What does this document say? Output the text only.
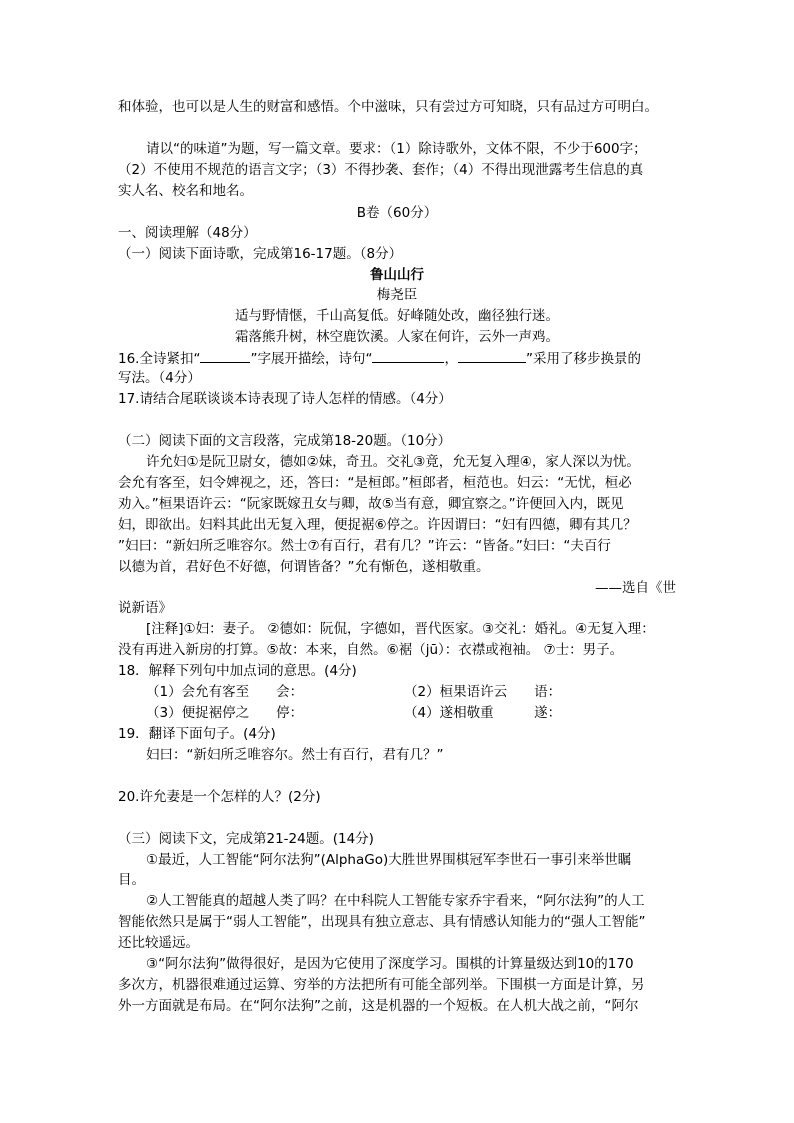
和体验，也可以是人生的财富和感悟。个中滋味，只有尝过方可知晓，只有品过方可明白。
请以“的味道”为题，写一篇文章。要求：（1）除诗歌外，文体不限，不少于600字；
（2）不使用不规范的语言文字；（3）不得抄袭、套作；（4）不得出现泄露考生信息的真
实人名、校名和地名。
B卷（60分）
一、阅读理解（48分）
（一）阅读下面诗歌，完成第16-17题。（8分）
鲁山山行
梅尧臣
适与野情惬，千山高复低。好峰随处改，幽径独行迷。
霜落熊升树，林空鹿饮溪。人家在何许，云外一声鸡。
16.全诗紧扣“	”字展开描绘，诗句“	，	”采用了移步换景的
写法。（4分）
17.请结合尾联谈谈本诗表现了诗人怎样的情感。（4分）
（二）阅读下面的文言段落，完成第18-20题。（10分）
许允妇①是阮卫尉女，德如②妹，奇丑。交礼③竟，允无复入理④，家人深以为忧。
会允有客至，妇令婢视之，还，答曰：“是桓郎。”桓郎者，桓范也。妇云：“无忧，桓必
劝入。”桓果语许云：“阮家既嫁丑女与卿，故⑤当有意，卿宜察之。”许便回入内，既见
妇，即欲出。妇料其此出无复入理，便捉裾⑥停之。许因谓曰：“妇有四德，卿有其几？
”妇曰：“新妇所乏唯容尔。然士⑦有百行，君有几？”许云：“皆备。”妇曰：“夫百行
以德为首，君好色不好德，何谓皆备？”允有惭色，遂相敬重。
——选自《世
说新语》
[注释]①妇：妻子。 ②德如：阮侃，字德如，晋代医家。③交礼：婚礼。④无复入理：
没有再进入新房的打算。⑤故：本来，自然。⑥裾（jū）：衣襟或袍袖。 ⑦士：男子。
18．解释下列句中加点词的意思。(4分)
（1）会允有客至　　会：	（2）桓果语许云　　语：
（3）便捉裾停之　　停：	（4）遂相敬重　　　遂：
19．翻译下面句子。(4分)
妇曰：“新妇所乏唯容尔。然士有百行，君有几？”
20.许允妻是一个怎样的人？(2分)
（三）阅读下文，完成第21-24题。(14分)
①最近，人工智能“阿尔法狗”(AlphaGo)大胜世界围棋冠军李世石一事引来举世瞩
目。
②人工智能真的超越人类了吗？在中科院人工智能专家乔宇看来，“阿尔法狗”的人工
智能依然只是属于“弱人工智能”，出现具有独立意志、具有情感认知能力的“强人工智能”
还比较遥远。
③“阿尔法狗”做得很好，是因为它使用了深度学习。围棋的计算量级达到10的170
多次方，机器很难通过运算、穷举的方法把所有可能全部列举。下围棋一方面是计算，另
外一方面就是布局。在“阿尔法狗”之前，这是机器的一个短板。在人机大战之前，“阿尔
